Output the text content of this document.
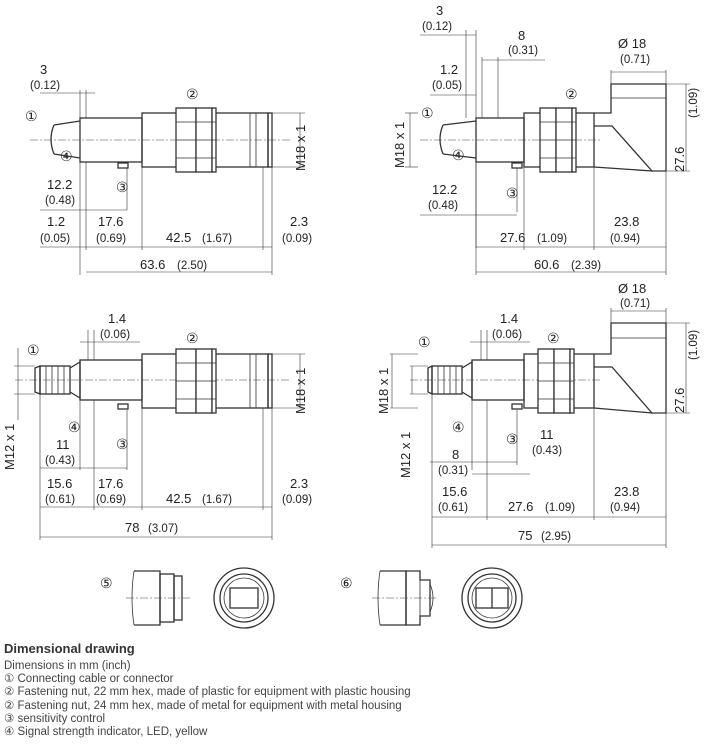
3
(0.12)
12.2
(0.48)
1.2
(0.05)
17.6
(0.69)	42.5 (1.67)
2.3
(0.09)
63.6 (2.50)
M18 x 1
①
②
③
④
3
(0.12)
8
(0.31)
1.2
(0.05)
Ø 18
(0.71)
27.6
(1.09)
M18 x 1
12.2
(0.48)
27.6 (1.09)
23.8
(0.94)
60.6 (2.39)
①
②
③
④
1.4
(0.06)
11
(0.43)
15.6
(0.61)
17.6
(0.69)	42.5 (1.67)
2.3
(0.09)
78 (3.07)
M18 x 1
M12 x 1
①
②
③
④
1.4
(0.06)
Ø 18
(0.71)
27.6
(1.09)
M18 x 1
M12 x 1	11
(0.43)
8
(0.31)
15.6
(0.61)	27.6 (1.09)
23.8
(0.94)
75 (2.95)
①	②
③
④
⑤	⑥
Dimensional drawing
Dimensions in mm (inch)
① Connecting cable or connector
② Fastening nut, 22 mm hex, made of plastic for equipment with plastic housing
② Fastening nut, 24 mm hex, made of metal for equipment with metal housing
③ sensitivity control
④ Signal strength indicator, LED, yellow
